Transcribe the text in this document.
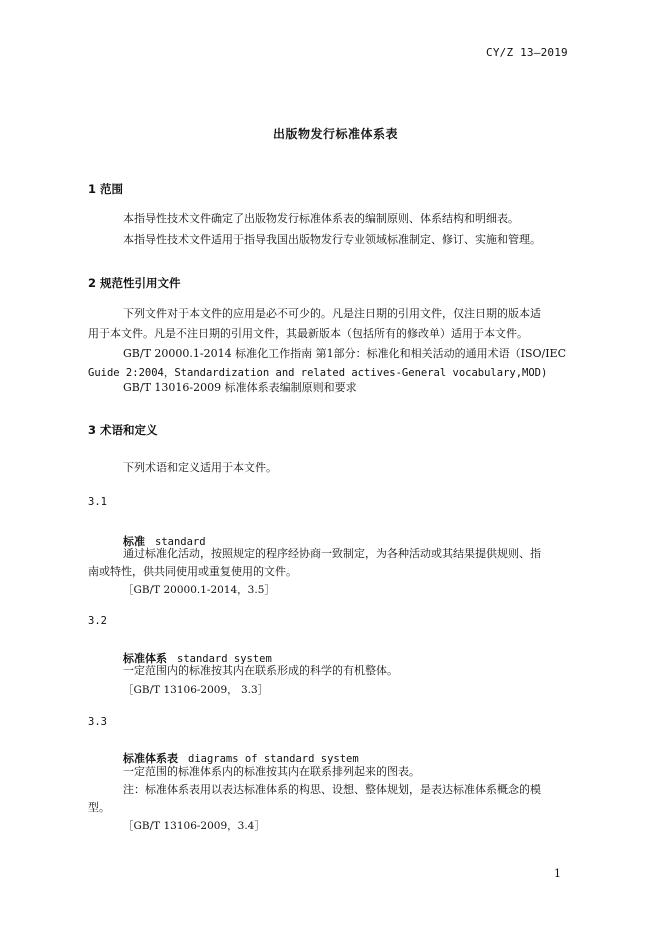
CY/Z 13—2019
出版物发行标准体系表
1 范围
本指导性技术文件确定了出版物发行标准体系表的编制原则、体系结构和明细表。
本指导性技术文件适用于指导我国出版物发行专业领域标准制定、修订、实施和管理。
2 规范性引用文件
下列文件对于本文件的应用是必不可少的。凡是注日期的引用文件，仅注日期的版本适
用于本文件。凡是不注日期的引用文件，其最新版本（包括所有的修改单）适用于本文件。
GB/T 20000.1-2014 标准化工作指南 第1部分：标准化和相关活动的通用术语（ISO/IEC
Guide 2:2004，Standardization and related actives-General vocabulary,MOD)
GB/T 13016-2009 标准体系表编制原则和要求
3 术语和定义
下列术语和定义适用于本文件。
3.1
标准 standard
通过标准化活动，按照规定的程序经协商一致制定，为各种活动或其结果提供规则、指
南或特性，供共同使用或重复使用的文件。
［GB/T 20000.1-2014，3.5］
3.2
标准体系 standard system
一定范围内的标准按其内在联系形成的科学的有机整体。
［GB/T 13106-2009， 3.3］
3.3
标准体系表 diagrams of standard system
一定范围的标准体系内的标准按其内在联系排列起来的图表。
注：标准体系表用以表达标准体系的构思、设想、整体规划，是表达标准体系概念的模
型。
［GB/T 13106-2009，3.4］
1
